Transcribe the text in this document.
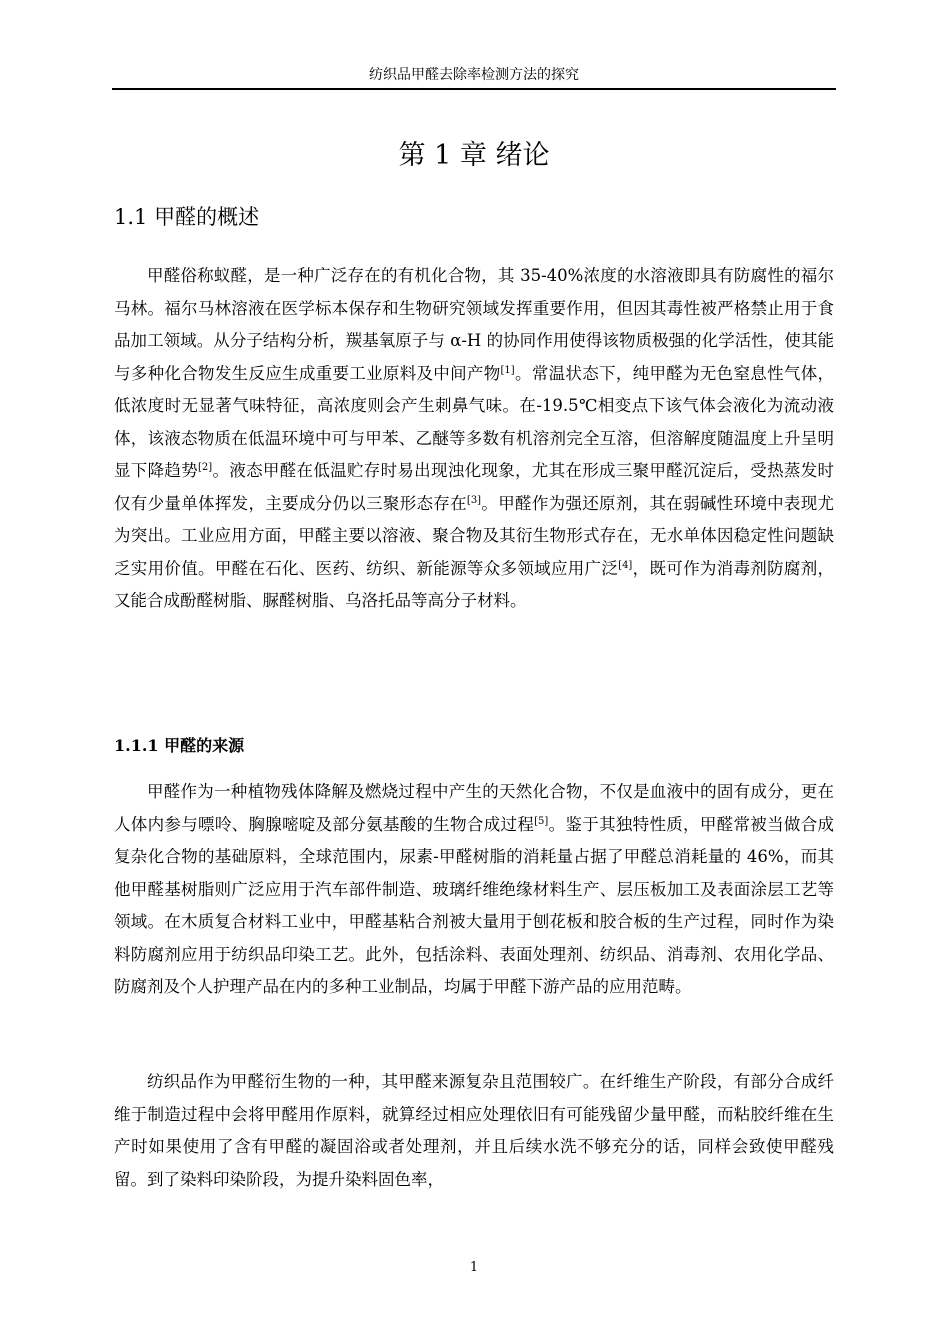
纺织品甲醛去除率检测方法的探究
第 1 章 绪论
1.1 甲醛的概述

甲醛俗称蚁醛，是一种广泛存在的有机化合物，其 35-40%浓度的水溶液即具有防腐性的福尔马林。福尔马林溶液在医学标本保存和生物研究领域发挥重要作用，但因其毒性被严格禁止用于食品加工领域。从分子结构分析，羰基氧原子与 α-H 的协同作用使得该物质极强的化学活性，使其能与多种化合物发生反应生成重要工业原料及中间产物[1]。常温状态下，纯甲醛为无色窒息性气体，低浓度时无显著气味特征，高浓度则会产生刺鼻气味。在-19.5℃相变点下该气体会液化为流动液体，该液态物质在低温环境中可与甲苯、乙醚等多数有机溶剂完全互溶，但溶解度随温度上升呈明显下降趋势[2]。液态甲醛在低温贮存时易出现浊化现象，尤其在形成三聚甲醛沉淀后，受热蒸发时仅有少量单体挥发，主要成分仍以三聚形态存在[3]。甲醛作为强还原剂，其在弱碱性环境中表现尤为突出。工业应用方面，甲醛主要以溶液、聚合物及其衍生物形式存在，无水单体因稳定性问题缺乏实用价值。甲醛在石化、医药、纺织、新能源等众多领域应用广泛[4]，既可作为消毒剂防腐剂，又能合成酚醛树脂、脲醛树脂、乌洛托品等高分子材料。

1.1.1 甲醛的来源

甲醛作为一种植物残体降解及燃烧过程中产生的天然化合物，不仅是血液中的固有成分，更在人体内参与嘌呤、胸腺嘧啶及部分氨基酸的生物合成过程[5]。鉴于其独特性质，甲醛常被当做合成复杂化合物的基础原料，全球范围内，尿素-甲醛树脂的消耗量占据了甲醛总消耗量的 46%，而其他甲醛基树脂则广泛应用于汽车部件制造、玻璃纤维绝缘材料生产、层压板加工及表面涂层工艺等领域。在木质复合材料工业中，甲醛基粘合剂被大量用于刨花板和胶合板的生产过程，同时作为染料防腐剂应用于纺织品印染工艺。此外，包括涂料、表面处理剂、纺织品、消毒剂、农用化学品、防腐剂及个人护理产品在内的多种工业制品，均属于甲醛下游产品的应用范畴。

纺织品作为甲醛衍生物的一种，其甲醛来源复杂且范围较广。在纤维生产阶段，有部分合成纤维于制造过程中会将甲醛用作原料，就算经过相应处理依旧有可能残留少量甲醛，而粘胶纤维在生产时如果使用了含有甲醛的凝固浴或者处理剂，并且后续水洗不够充分的话，同样会致使甲醛残留。到了染料印染阶段，为提升染料固色率，

1
